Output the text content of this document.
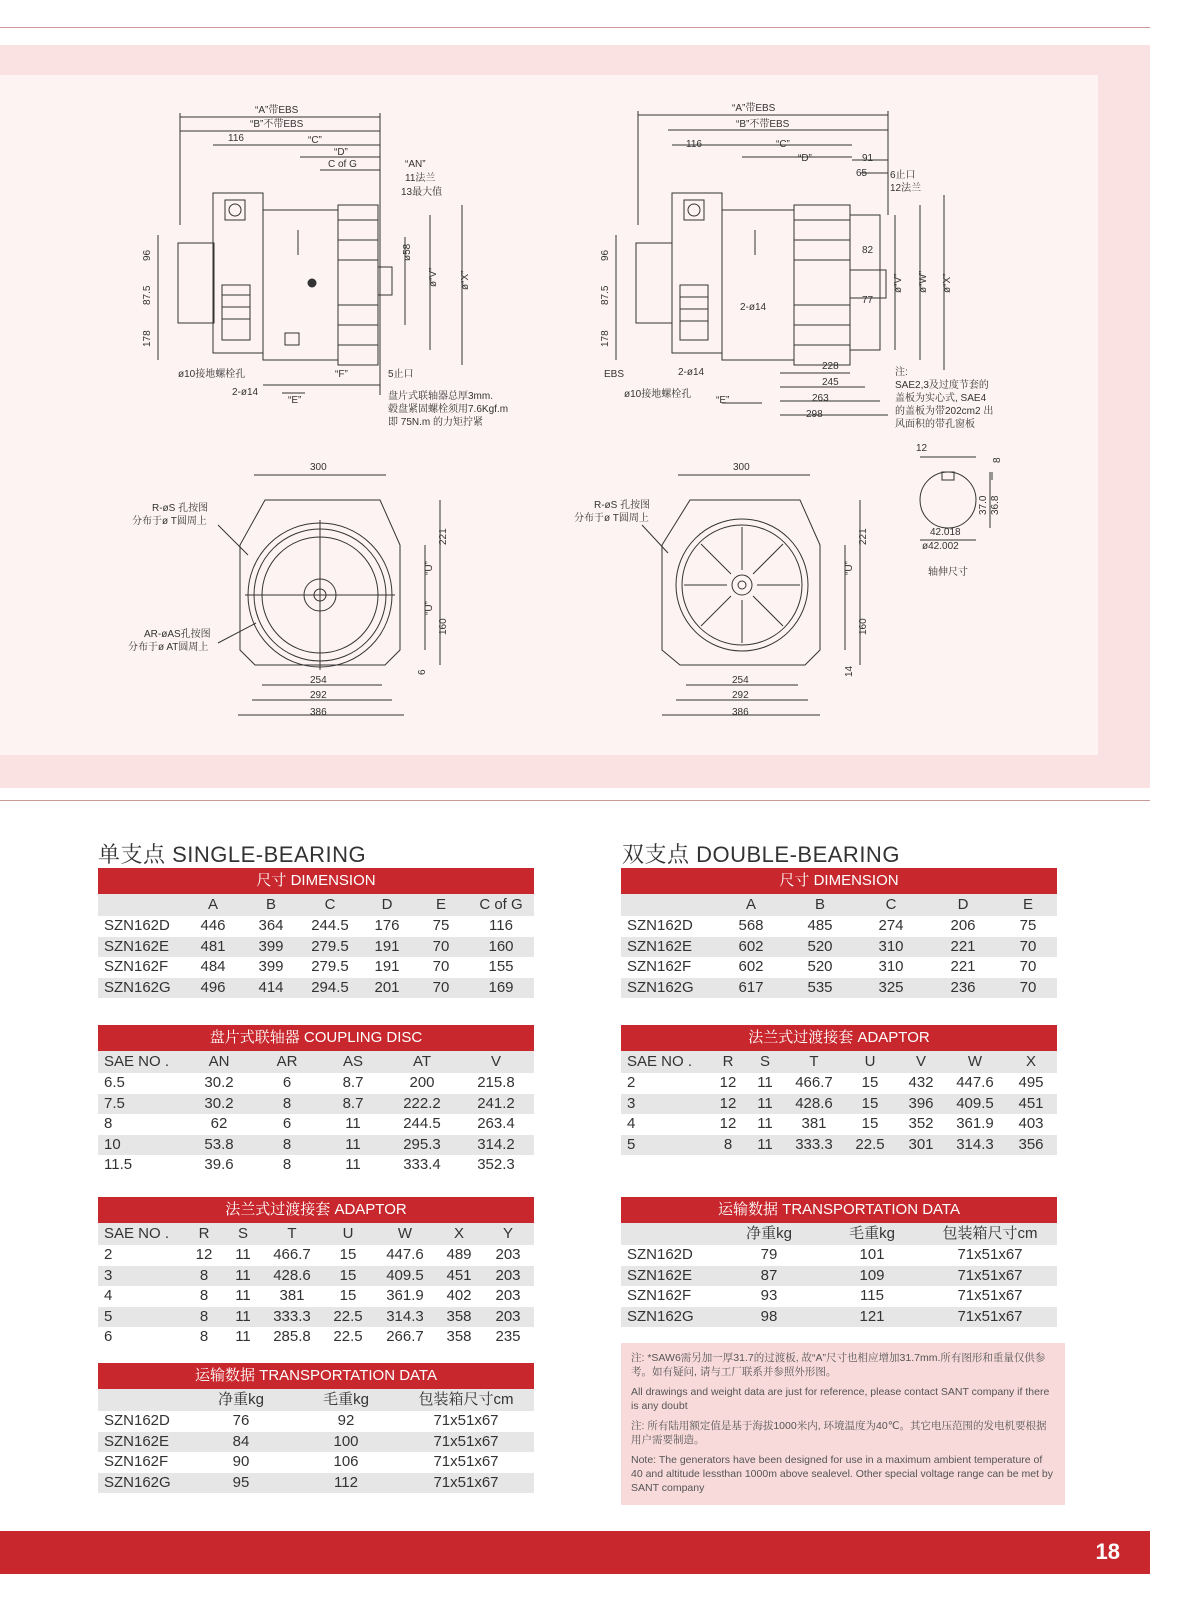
“A”带EBS
“B”不带EBS
116	“C”
“D”
C of G	“AN”
11法兰
13最大值
96
87.5
178
ø58
ø“V” ø“X”
ø10接地螺栓孔
2-ø14
“E”
“F”	5止口
盘片式联轴器总厚3mm.
毂盘紧固螺栓须用7.6Kgf.m
即 75N.m 的力矩拧紧
300
221
“U”
“U”
160
6
254
292
386
R-øS 孔按图
分布于ø T圆周上
AR-øAS孔按图
分布于ø AT圆周上
“A”带EBS
“B”不带EBS
116	“C”
“D”	91
65 6止口
12法兰
96
87.5
178
82
77
ø“V” ø“W” ø“X”
2-ø14
2-ø14
EBS
ø10接地螺栓孔
“E”
228
245
263
298
注:
SAE2,3及过度节套的
盖板为实心式, SAE4
的盖板为带202cm2 出
风面积的带孔窗板
300
221
“U”
160
14
254
292
386
R-øS 孔按图
分布于ø T圆周上
12
8
37.0 36.8
42.018
ø42.002
轴伸尺寸
单支点 SINGLE-BEARING	双支点 DOUBLE-BEARING
尺寸 DIMENSION
A	B	C	D	E	C of G
SZN162D	446	364	244.5	176	75	116
SZN162E	481	399	279.5	191	70	160
SZN162F	484	399	279.5	191	70	155
SZN162G	496	414	294.5	201	70	169
盘片式联轴器 COUPLING DISC
SAE NO .	AN	AR	AS	AT	V
6.5	30.2	6	8.7	200	215.8
7.5	30.2	8	8.7	222.2	241.2
8	62	6	11	244.5	263.4
10	53.8	8	11	295.3	314.2
11.5	39.6	8	11	333.4	352.3
法兰式过渡接套 ADAPTOR
SAE NO .	R	S	T	U	W	X	Y
2	12	11	466.7	15	447.6	489	203
3	8	11	428.6	15	409.5	451	203
4	8	11	381	15	361.9	402	203
5	8	11	333.3	22.5	314.3	358	203
6	8	11	285.8	22.5	266.7	358	235
运输数据 TRANSPORTATION DATA
净重kg	毛重kg	包装箱尺寸cm
SZN162D	76	92	71x51x67
SZN162E	84	100	71x51x67
SZN162F	90	106	71x51x67
SZN162G	95	112	71x51x67
尺寸 DIMENSION
A	B	C	D	E
SZN162D	568	485	274	206	75
SZN162E	602	520	310	221	70
SZN162F	602	520	310	221	70
SZN162G	617	535	325	236	70
法兰式过渡接套 ADAPTOR
SAE NO .	R	S	T	U	V	W	X
2	12	11	466.7	15	432	447.6	495
3	12	11	428.6	15	396	409.5	451
4	12	11	381	15	352	361.9	403
5	8	11	333.3	22.5	301	314.3	356
运输数据 TRANSPORTATION DATA
净重kg	毛重kg	包装箱尺寸cm
SZN162D	79	101	71x51x67
SZN162E	87	109	71x51x67
SZN162F	93	115	71x51x67
SZN162G	98	121	71x51x67

注: *SAW6需另加一厚31.7的过渡板, 故“A”尺寸也相应增加31.7mm.所有图形和重量仅供参考。如有疑问, 请与工厂联系并参照外形图。

All drawings and weight data are just for reference, please contact SANT company if there is any doubt

注: 所有陆用额定值是基于海拔1000米内, 环境温度为40℃。其它电压范围的发电机要根据用户需要制造。

Note: The generators have been designed for use in a maximum ambient temperature of 40 and altitude lessthan 1000m above sealevel. Other special voltage range can be met by SANT company

18
